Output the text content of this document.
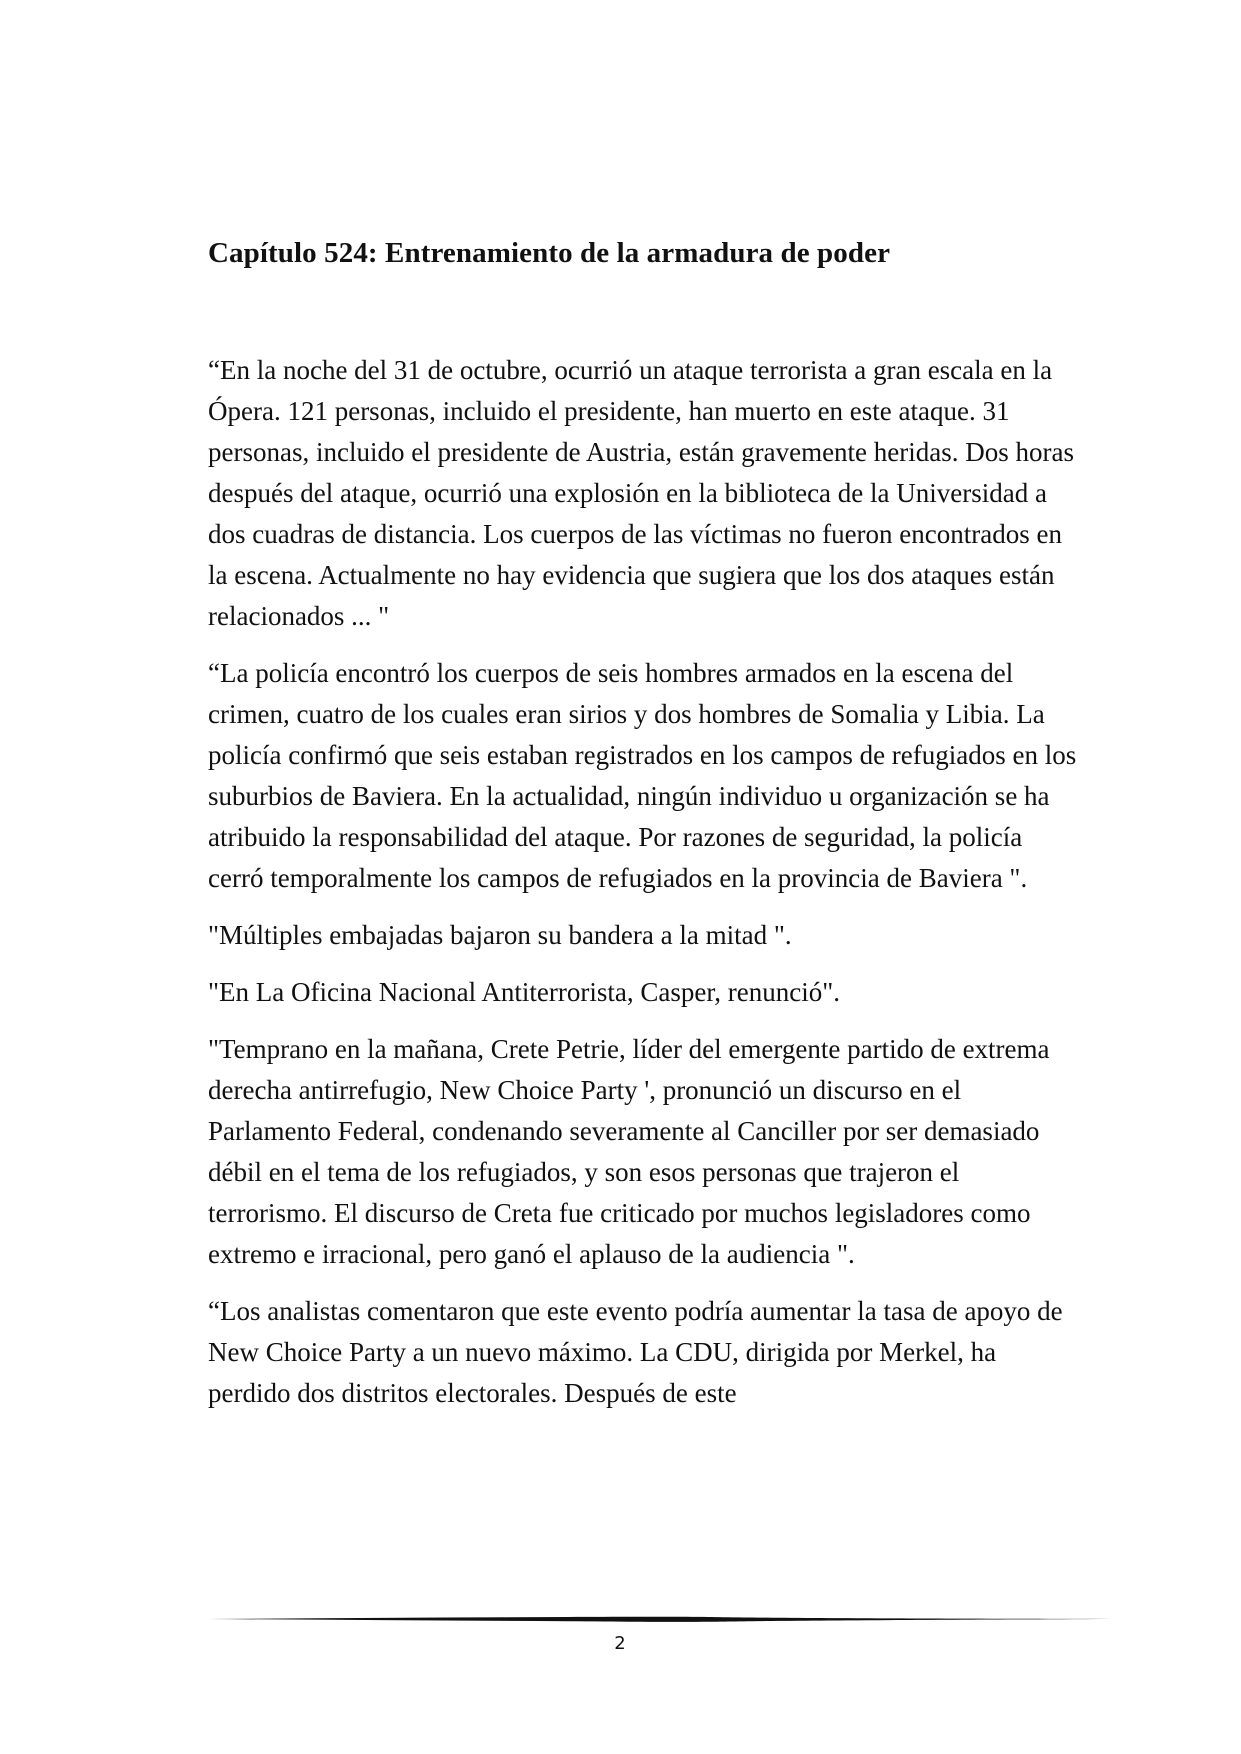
Capítulo 524: Entrenamiento de la armadura de poder

“En la noche del 31 de octubre, ocurrió un ataque terrorista a gran escala en la Ópera. 121 personas, incluido el presidente, han muerto en este ataque. 31 personas, incluido el presidente de Austria, están gravemente heridas. Dos horas después del ataque, ocurrió una explosión en la biblioteca de la Universidad a dos cuadras de distancia. Los cuerpos de las víctimas no fueron encontrados en la escena. Actualmente no hay evidencia que sugiera que los dos ataques están relacionados ... "

“La policía encontró los cuerpos de seis hombres armados en la escena del crimen, cuatro de los cuales eran sirios y dos hombres de Somalia y Libia. La policía confirmó que seis estaban registrados en los campos de refugiados en los suburbios de Baviera. En la actualidad, ningún individuo u organización se ha atribuido la responsabilidad del ataque. Por razones de seguridad, la policía cerró temporalmente los campos de refugiados en la provincia de Baviera ".

"Múltiples embajadas bajaron su bandera a la mitad ".

"En La Oficina Nacional Antiterrorista, Casper, renunció".

"Temprano en la mañana, Crete Petrie, líder del emergente partido de extrema derecha antirrefugio, New Choice Party ', pronunció un discurso en el Parlamento Federal, condenando severamente al Canciller por ser demasiado débil en el tema de los refugiados, y son esos personas que trajeron el terrorismo. El discurso de Creta fue criticado por muchos legisladores como extremo e irracional, pero ganó el aplauso de la audiencia ".

“Los analistas comentaron que este evento podría aumentar la tasa de apoyo de New Choice Party a un nuevo máximo. La CDU, dirigida por Merkel, ha perdido dos distritos electorales. Después de este

2
